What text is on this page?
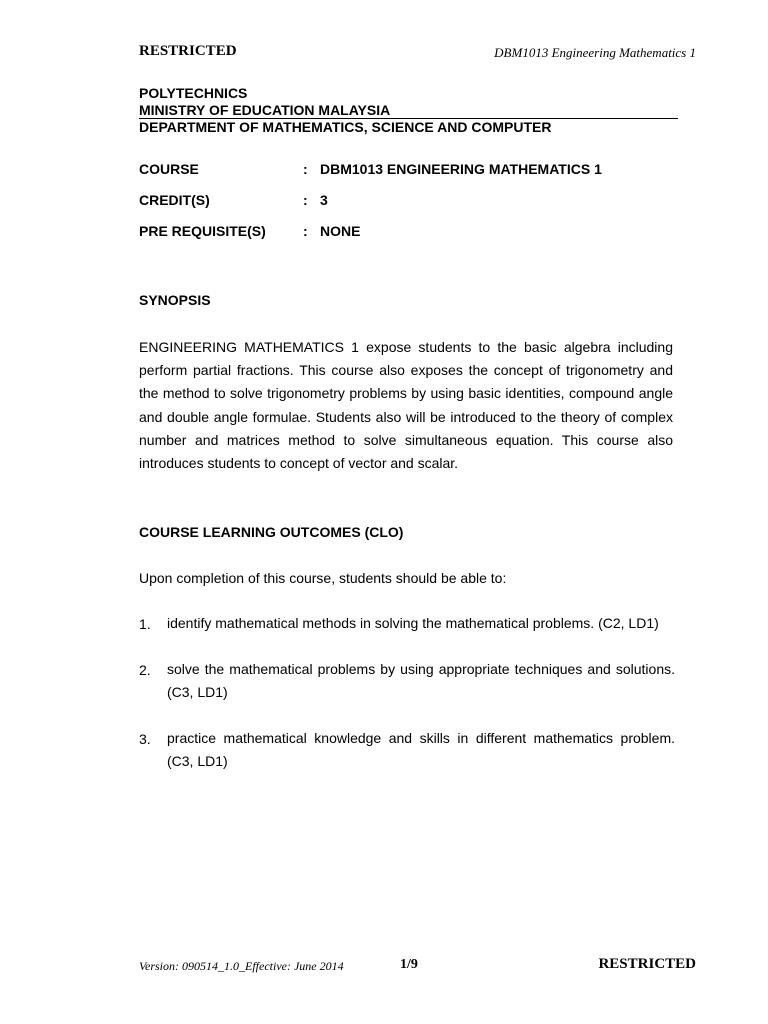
RESTRICTED	DBM1013 Engineering Mathematics 1
POLYTECHNICS
MINISTRY OF EDUCATION MALAYSIA
DEPARTMENT OF MATHEMATICS, SCIENCE AND COMPUTER
COURSE	: DBM1013 ENGINEERING MATHEMATICS 1
CREDIT(S)	: 3
PRE REQUISITE(S)	: NONE
SYNOPSIS
ENGINEERING MATHEMATICS 1 expose students to the basic algebra including perform partial fractions. This course also exposes the concept of trigonometry and the method to solve trigonometry problems by using basic identities, compound angle and double angle formulae. Students also will be introduced to the theory of complex number and matrices method to solve simultaneous equation. This course also introduces students to concept of vector and scalar.
COURSE LEARNING OUTCOMES (CLO)
Upon completion of this course, students should be able to:
1. identify mathematical methods in solving the mathematical problems. (C2, LD1)
2. solve the mathematical problems by using appropriate techniques and solutions. (C3, LD1)
3. practice mathematical knowledge and skills in different mathematics problem. (C3, LD1)
Version: 090514_1.0_Effective: June 2014	1/9	RESTRICTED
